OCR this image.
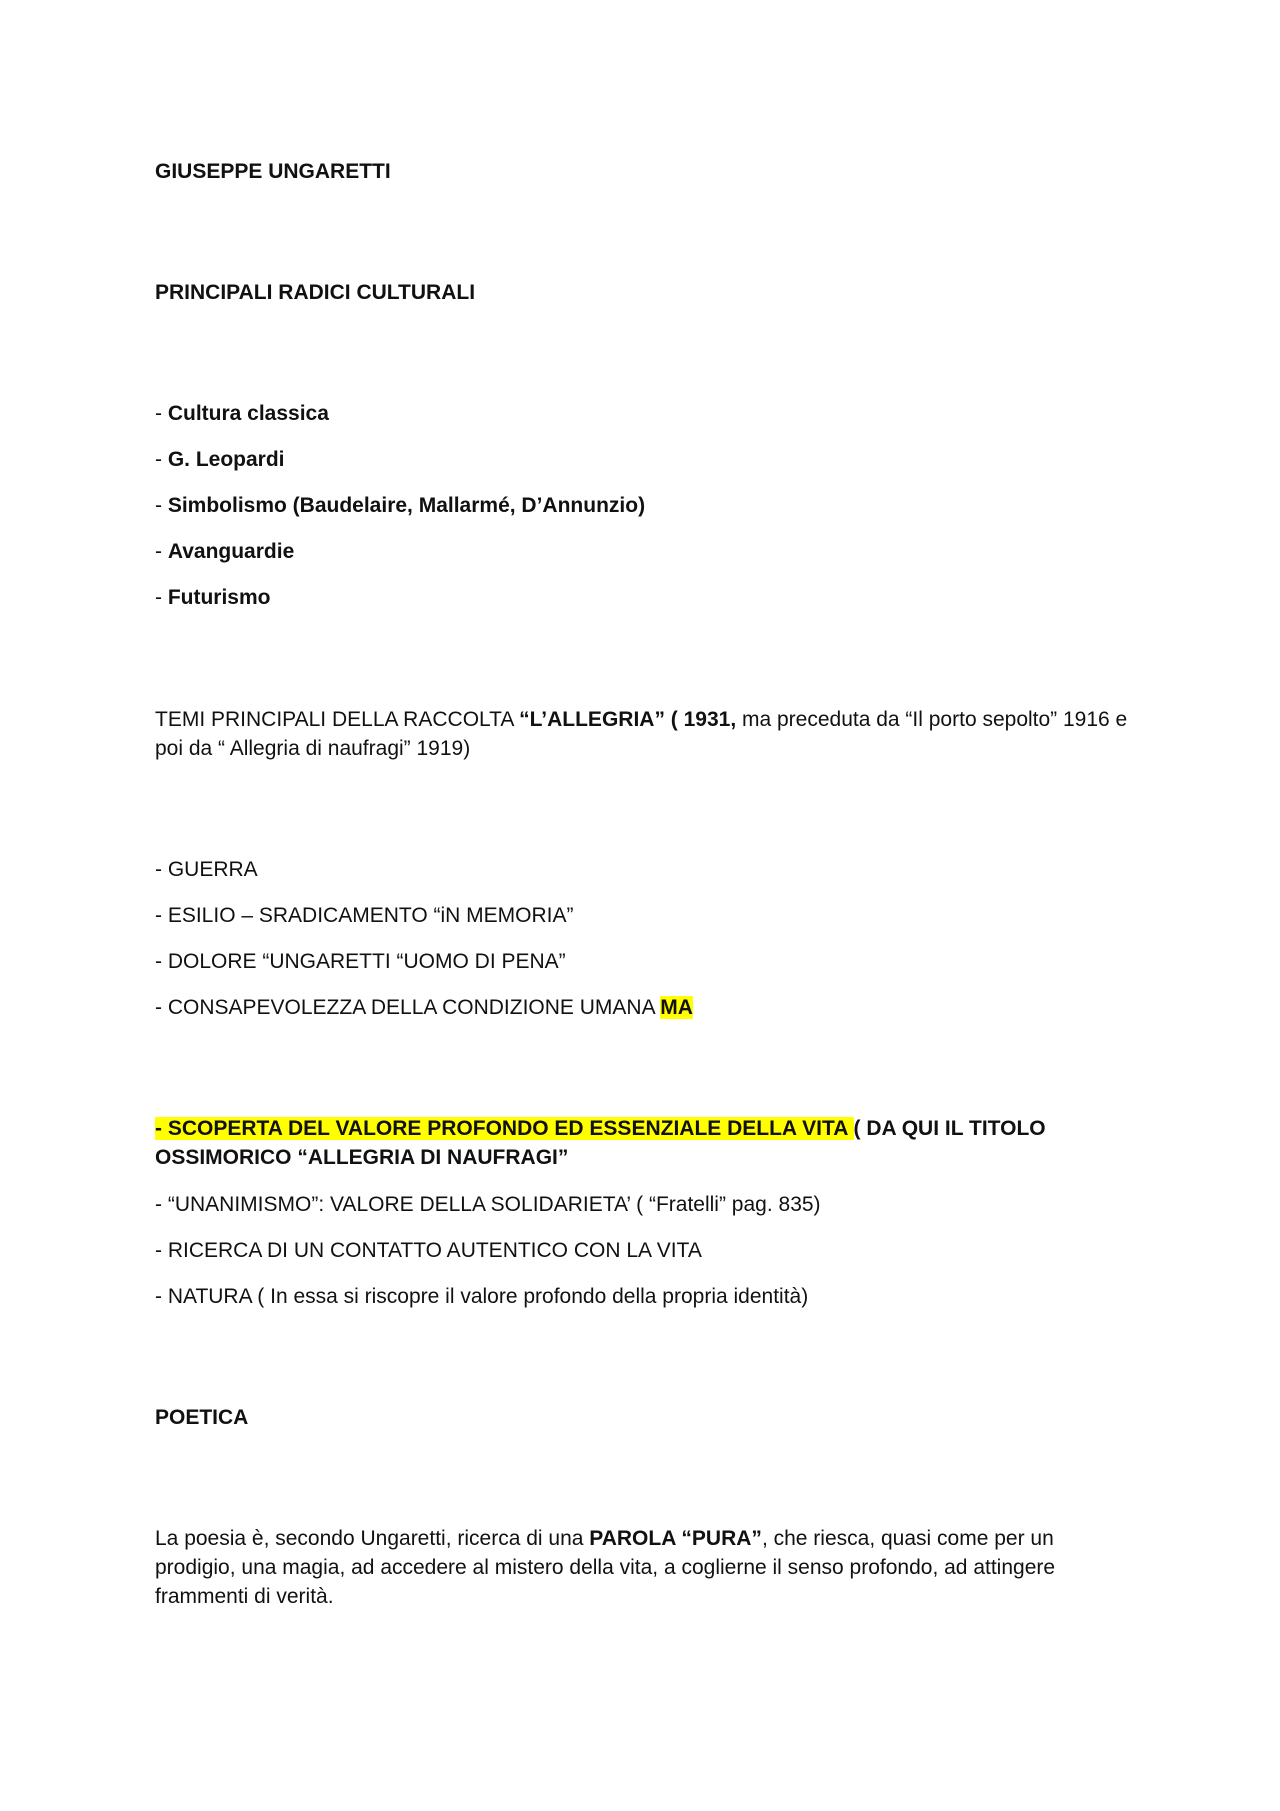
GIUSEPPE UNGARETTI
PRINCIPALI RADICI CULTURALI
- Cultura classica
- G. Leopardi
- Simbolismo (Baudelaire, Mallarmé, D’Annunzio)
- Avanguardie
- Futurismo
TEMI PRINCIPALI DELLA RACCOLTA “L’ALLEGRIA” ( 1931, ma preceduta da “Il porto sepolto” 1916 e poi da “ Allegria di naufragi” 1919)
- GUERRA
- ESILIO – SRADICAMENTO “iN MEMORIA”
- DOLORE “UNGARETTI “UOMO DI PENA”
- CONSAPEVOLEZZA DELLA CONDIZIONE UMANA MA
- SCOPERTA DEL VALORE PROFONDO ED ESSENZIALE DELLA VITA ( DA QUI IL TITOLO OSSIMORICO “ALLEGRIA DI NAUFRAGI”
- “UNANIMISMO”: VALORE DELLA SOLIDARIETA’ ( “Fratelli” pag. 835)
- RICERCA DI UN CONTATTO AUTENTICO CON LA VITA
- NATURA ( In essa si riscopre il valore profondo della propria identità)
POETICA
La poesia è, secondo Ungaretti, ricerca di una PAROLA “PURA”, che riesca, quasi come per un prodigio, una magia, ad accedere al mistero della vita, a coglierne il senso profondo, ad attingere frammenti di verità.
